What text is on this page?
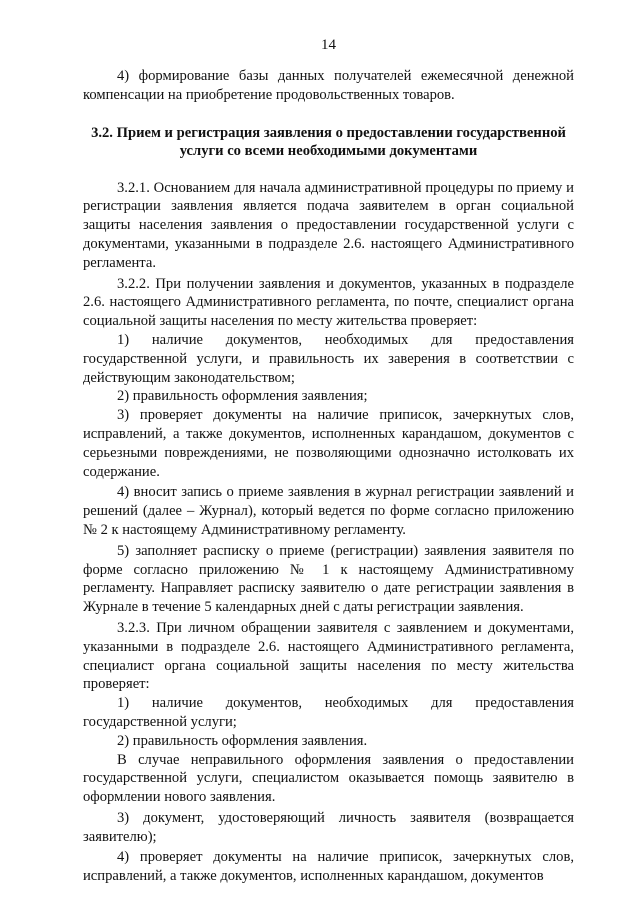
14

4) формирование базы данных получателей ежемесячной денежной компенсации на приобретение продовольственных товаров.

3.2. Прием и регистрация заявления о предоставлении государственной услуги со всеми необходимыми документами

3.2.1. Основанием для начала административной процедуры по приему и регистрации заявления является подача заявителем в орган социальной защиты населения заявления о предоставлении государственной услуги с документами, указанными в подразделе 2.6. настоящего Административного регламента.

3.2.2. При получении заявления и документов, указанных в подразделе 2.6. настоящего Административного регламента, по почте, специалист органа социальной защиты населения по месту жительства проверяет:

1) наличие документов, необходимых для предоставления государственной услуги, и правильность их заверения в соответствии с действующим законодательством;

2) правильность оформления заявления;

3) проверяет документы на наличие приписок, зачеркнутых слов, исправлений, а также документов, исполненных карандашом, документов с серьезными повреждениями, не позволяющими однозначно истолковать их содержание.

4) вносит запись о приеме заявления в журнал регистрации заявлений и решений (далее – Журнал), который ведется по форме согласно приложению № 2 к настоящему Административному регламенту.

5) заполняет расписку о приеме (регистрации) заявления заявителя по форме согласно приложению № 1 к настоящему Административному регламенту. Направляет расписку заявителю о дате регистрации заявления в Журнале в течение 5 календарных дней с даты регистрации заявления.

3.2.3. При личном обращении заявителя с заявлением и документами, указанными в подразделе 2.6. настоящего Административного регламента, специалист органа социальной защиты населения по месту жительства проверяет:

1) наличие документов, необходимых для предоставления государственной услуги;

2) правильность оформления заявления.

В случае неправильного оформления заявления о предоставлении государственной услуги, специалистом оказывается помощь заявителю в оформлении нового заявления.

3) документ, удостоверяющий личность заявителя (возвращается заявителю);

4) проверяет документы на наличие приписок, зачеркнутых слов, исправлений, а также документов, исполненных карандашом, документов
